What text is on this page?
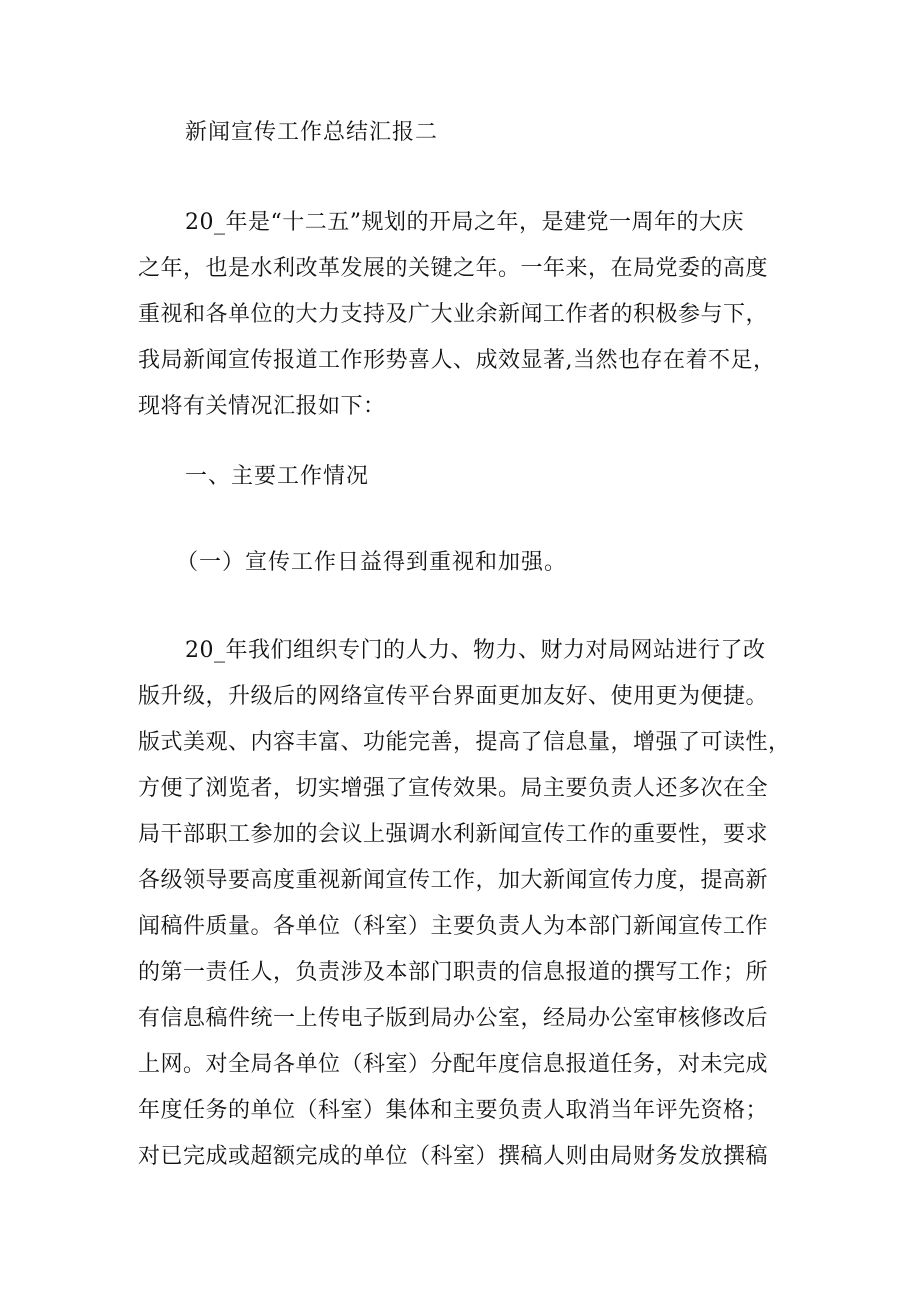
新闻宣传工作总结汇报二
20_年是“十二五”规划的开局之年，是建党一周年的大庆
之年，也是水利改革发展的关键之年。一年来，在局党委的高度
重视和各单位的大力支持及广大业余新闻工作者的积极参与下，
我局新闻宣传报道工作形势喜人、成效显著,当然也存在着不足，
现将有关情况汇报如下：
一、主要工作情况
（一）宣传工作日益得到重视和加强。
20_年我们组织专门的人力、物力、财力对局网站进行了改
版升级，升级后的网络宣传平台界面更加友好、使用更为便捷。
版式美观、内容丰富、功能完善，提高了信息量，增强了可读性，
方便了浏览者，切实增强了宣传效果。局主要负责人还多次在全
局干部职工参加的会议上强调水利新闻宣传工作的重要性，要求
各级领导要高度重视新闻宣传工作，加大新闻宣传力度，提高新
闻稿件质量。各单位（科室）主要负责人为本部门新闻宣传工作
的第一责任人，负责涉及本部门职责的信息报道的撰写工作；所
有信息稿件统一上传电子版到局办公室，经局办公室审核修改后
上网。对全局各单位（科室）分配年度信息报道任务，对未完成
年度任务的单位（科室）集体和主要负责人取消当年评先资格；
对已完成或超额完成的单位（科室）撰稿人则由局财务发放撰稿
